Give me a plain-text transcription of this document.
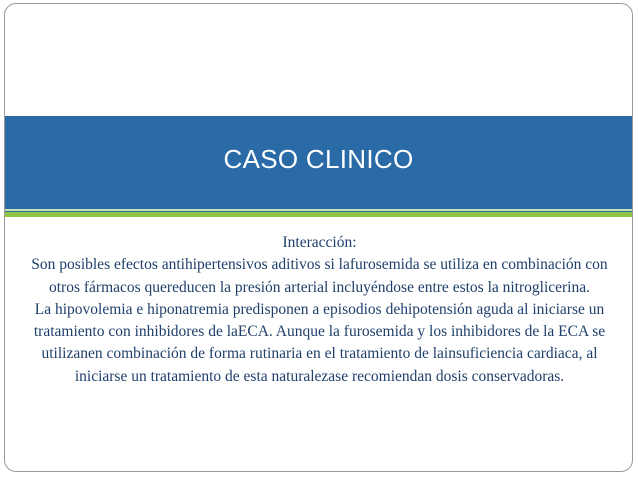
CASO CLINICO

Interacción:

Son posibles efectos antihipertensivos aditivos si lafurosemida se utiliza en combinación con otros fármacos quereducen la presión arterial incluyéndose entre estos la nitroglicerina.

La hipovolemia e hiponatremia predisponen a episodios dehipotensión aguda al iniciarse un tratamiento con inhibidores de laECA. Aunque la furosemida y los inhibidores de la ECA se utilizanen combinación de forma rutinaria en el tratamiento de lainsuficiencia cardiaca, al iniciarse un tratamiento de esta naturalezase recomiendan dosis conservadoras.
